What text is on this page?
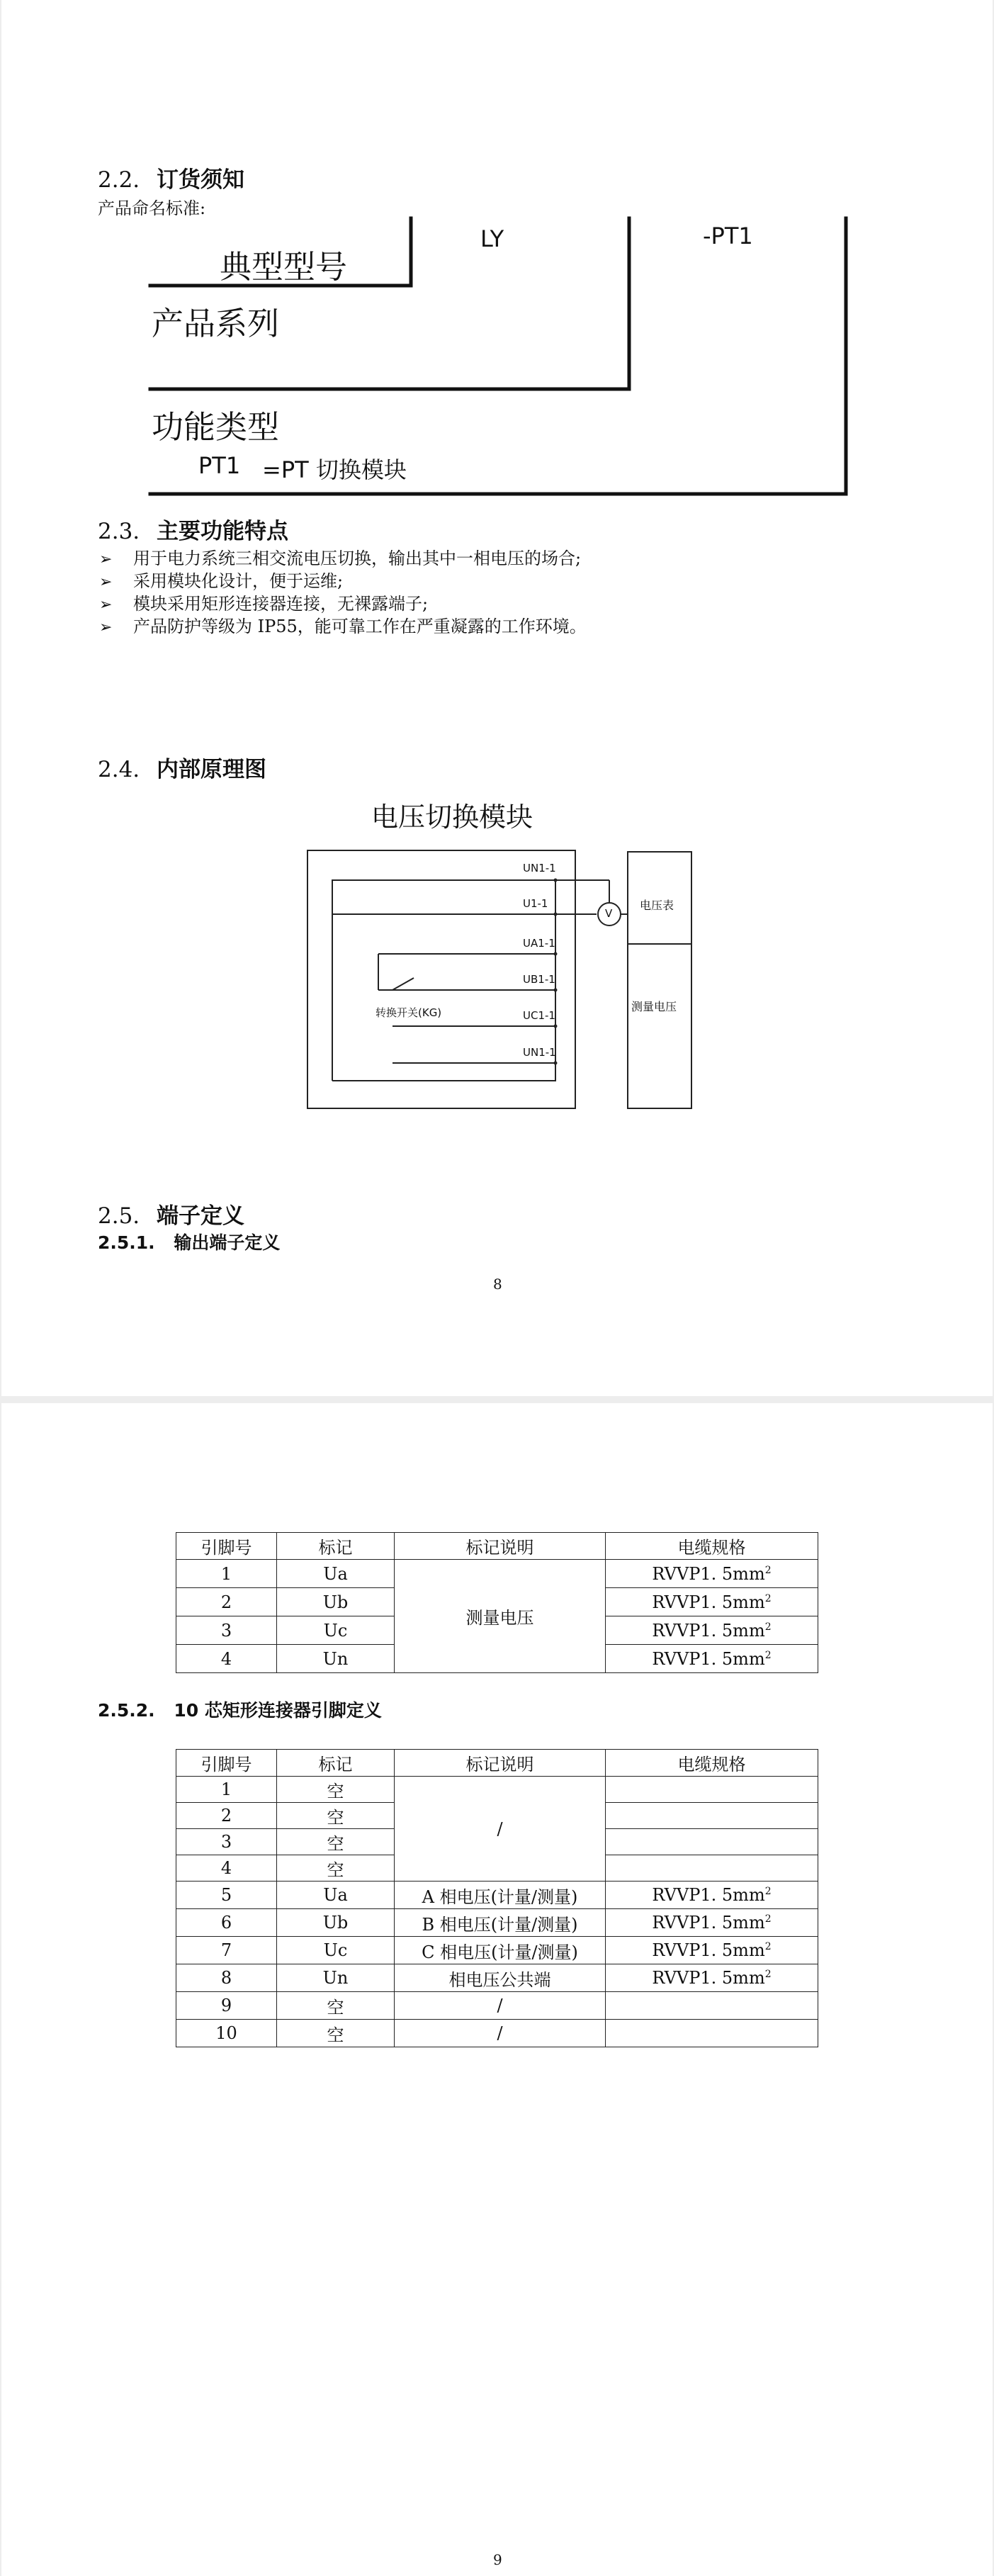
2.2. 订货须知
产品命名标准:
LY	-PT1
典型型号
产品系列
功能类型
PT1 =PT 切换模块
2.3. 主要功能特点
➢ 用于电力系统三相交流电压切换，输出其中一相电压的场合;
➢ 采用模块化设计，便于运维;
➢ 模块采用矩形连接器连接，无裸露端子;
➢ 产品防护等级为 IP55，能可靠工作在严重凝露的工作环境。
2.4. 内部原理图
电压切换模块
UN1-1
U1-1
UA1-1
UB1-1
UC1-1
UN1-1
转换开关(KG)
V
电压表
测量电压
2.5. 端子定义
2.5.1. 输出端子定义
8
引脚号	标记	标记说明	电缆规格
1	Ua	测量电压	RVVP1. $5mm^2$
2	Ub		RVVP1. $5mm^2$
3	Uc		RVVP1. $5mm^2$
4	Un		RVVP1. $5mm^2$
2.5.2. 10 芯矩形连接器引脚定义
引脚号	标记	标记说明	电缆规格
1	空	/	
2	空		
3	空		
4	空		
5	Ua	A 相电压(计量/测量)	RVVP1. $5mm^2$
6	Ub	B 相电压(计量/测量)	RVVP1. $5mm^2$
7	Uc	C 相电压(计量/测量)	RVVP1. $5mm^2$
8	Un	相电压公共端	RVVP1. $5mm^2$
9	空	/	
10	空	/	
9
